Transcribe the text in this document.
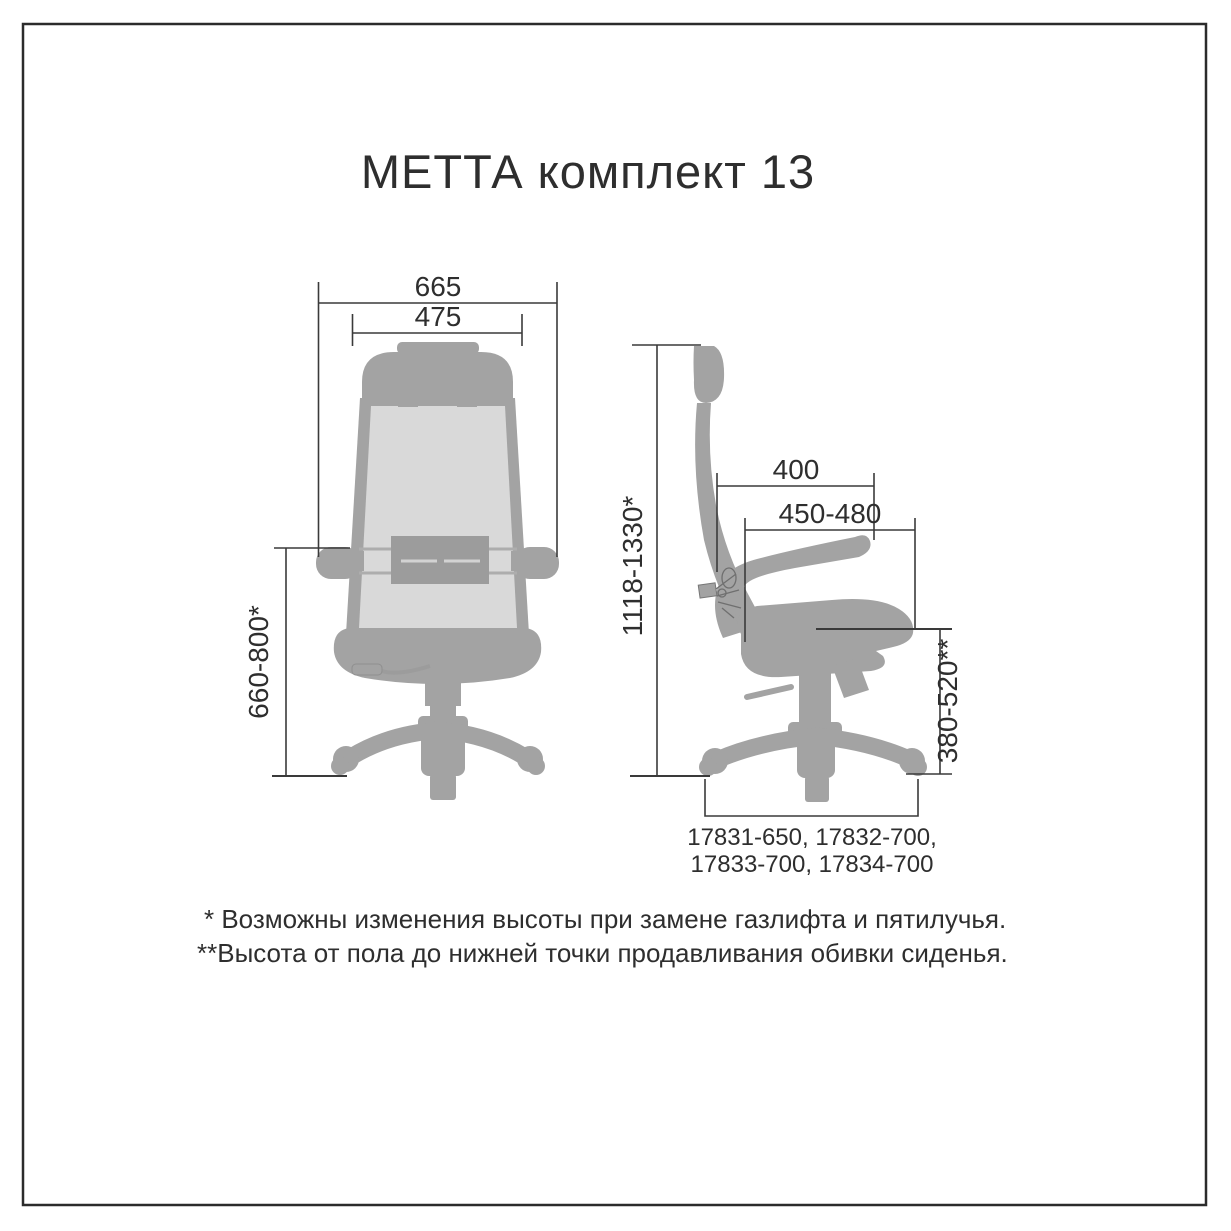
МЕТТА комплект 13
665
475
660-800*
1118-1330*
400
450-480
380-520**
17831-650, 17832-700,
17833-700, 17834-700
* Возможны изменения высоты при замене газлифта и пятилучья.
**Высота от пола до нижней точки продавливания обивки сиденья.
